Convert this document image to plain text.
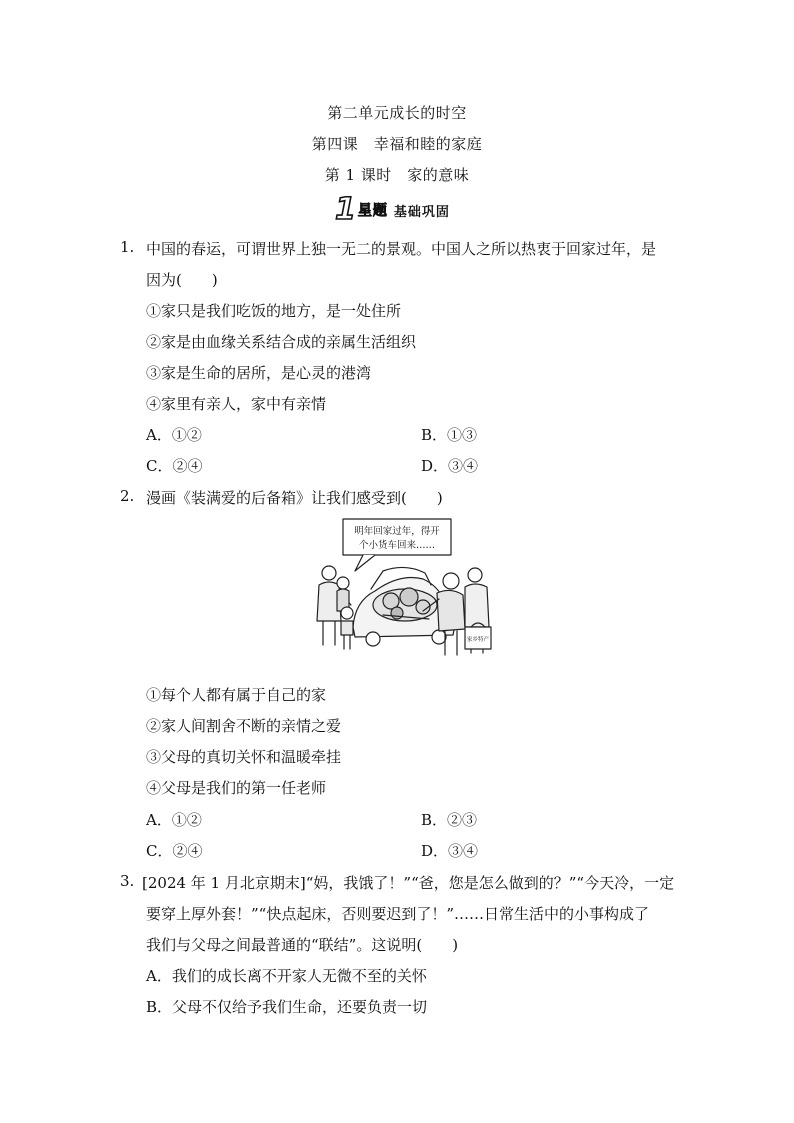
第二单元成长的时空
第四课　幸福和睦的家庭
第 1 课时　家的意味
1 星题 基础巩固
1. 中国的春运，可谓世界上独一无二的景观。中国人之所以热衷于回家过年，是
因为(　　)
①家只是我们吃饭的地方，是一处住所
②家是由血缘关系结合成的亲属生活组织
③家是生命的居所，是心灵的港湾
④家里有亲人，家中有亲情
A．①②	B．①③
C．②④	D．③④
2. 漫画《装满爱的后备箱》让我们感受到(　　)
明年回家过年，得开
个小货车回来……
家乡特产
①每个人都有属于自己的家
②家人间割舍不断的亲情之爱
③父母的真切关怀和温暖牵挂
④父母是我们的第一任老师
A．①②	B．②③
C．②④	D．③④
3. [2024 年 1 月北京期末]“妈，我饿了！”“爸，您是怎么做到的？”“今天冷，一定
要穿上厚外套！”“快点起床，否则要迟到了！”……日常生活中的小事构成了
我们与父母之间最普通的“联结”。这说明(　　)
A．我们的成长离不开家人无微不至的关怀
B．父母不仅给予我们生命，还要负责一切
